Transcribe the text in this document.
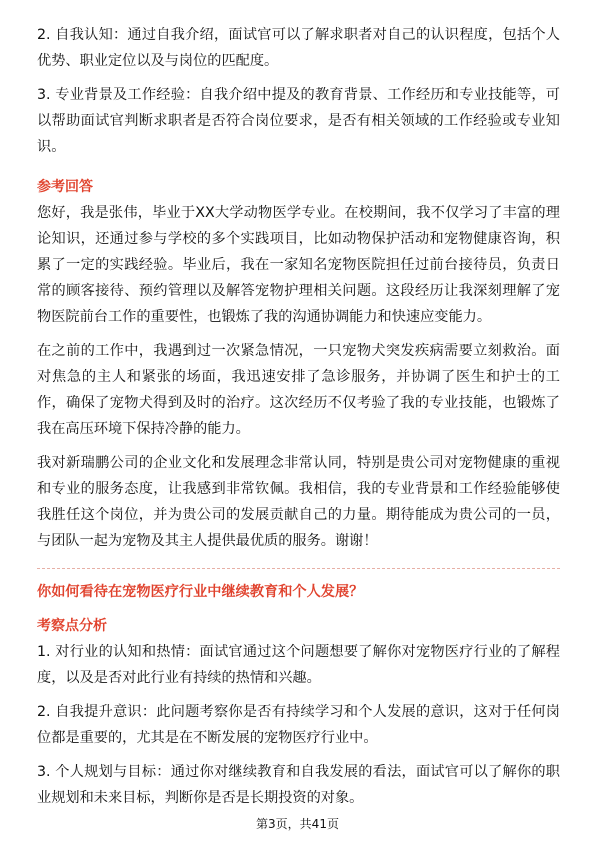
2. 自我认知：通过自我介绍，面试官可以了解求职者对自己的认识程度，包括个人优势、职业定位以及与岗位的匹配度。

3. 专业背景及工作经验：自我介绍中提及的教育背景、工作经历和专业技能等，可以帮助面试官判断求职者是否符合岗位要求，是否有相关领域的工作经验或专业知识。

参考回答

您好，我是张伟，毕业于XX大学动物医学专业。在校期间，我不仅学习了丰富的理论知识，还通过参与学校的多个实践项目，比如动物保护活动和宠物健康咨询，积累了一定的实践经验。毕业后，我在一家知名宠物医院担任过前台接待员，负责日常的顾客接待、预约管理以及解答宠物护理相关问题。这段经历让我深刻理解了宠物医院前台工作的重要性，也锻炼了我的沟通协调能力和快速应变能力。

在之前的工作中，我遇到过一次紧急情况，一只宠物犬突发疾病需要立刻救治。面对焦急的主人和紧张的场面，我迅速安排了急诊服务，并协调了医生和护士的工作，确保了宠物犬得到及时的治疗。这次经历不仅考验了我的专业技能，也锻炼了我在高压环境下保持冷静的能力。

我对新瑞鹏公司的企业文化和发展理念非常认同，特别是贵公司对宠物健康的重视和专业的服务态度，让我感到非常钦佩。我相信，我的专业背景和工作经验能够使我胜任这个岗位，并为贵公司的发展贡献自己的力量。期待能成为贵公司的一员，与团队一起为宠物及其主人提供最优质的服务。谢谢！

你如何看待在宠物医疗行业中继续教育和个人发展？

考察点分析

1. 对行业的认知和热情：面试官通过这个问题想要了解你对宠物医疗行业的了解程度，以及是否对此行业有持续的热情和兴趣。

2. 自我提升意识：此问题考察你是否有持续学习和个人发展的意识，这对于任何岗位都是重要的，尤其是在不断发展的宠物医疗行业中。

3. 个人规划与目标：通过你对继续教育和自我发展的看法，面试官可以了解你的职业规划和未来目标，判断你是否是长期投资的对象。

第3页，共41页
